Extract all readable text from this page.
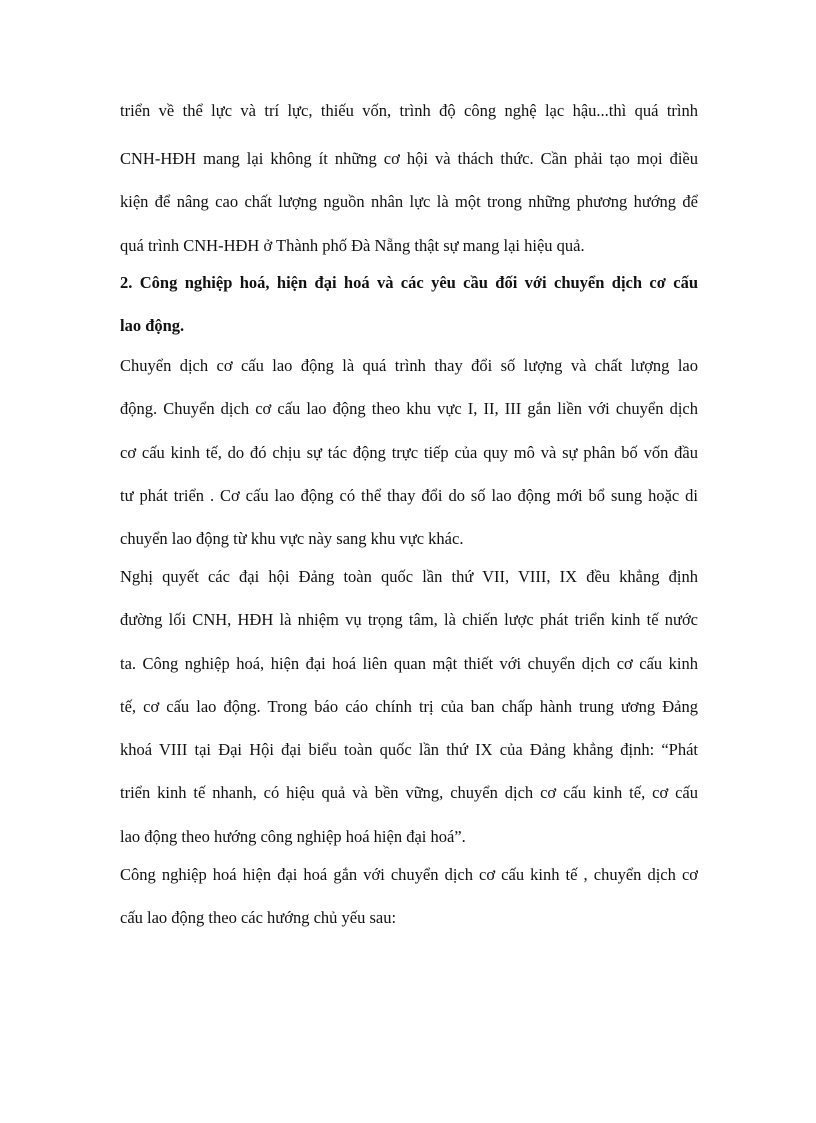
triển về thể lực và trí lực, thiếu vốn, trình độ công nghệ lạc hậu...thì quá trình
CNH-HĐH mang lại không ít những cơ hội và thách thức. Cần phải tạo mọi điều
kiện để nâng cao chất lượng nguồn nhân lực là một trong những phương hướng để
quá trình CNH-HĐH ở Thành phố Đà Nẵng thật sự mang lại hiệu quả.
2. Công nghiệp hoá, hiện đại hoá và các yêu cầu đối với chuyển dịch cơ cấu
lao động.
Chuyển dịch cơ cấu lao động là quá trình thay đổi số lượng và chất lượng lao
động. Chuyển dịch cơ cấu lao động theo khu vực I, II, III gắn liền với chuyển dịch
cơ cấu kinh tế, do đó chịu sự tác động trực tiếp của quy mô và sự phân bố vốn đầu
tư phát triển . Cơ cấu lao động có thể thay đổi do số lao động mới bổ sung hoặc di
chuyển lao động từ khu vực này sang khu vực khác.
Nghị quyết các đại hội Đảng toàn quốc lần thứ VII, VIII, IX đều khẳng định
đường lối CNH, HĐH là nhiệm vụ trọng tâm, là chiến lược phát triển kinh tế nước
ta. Công nghiệp hoá, hiện đại hoá liên quan mật thiết với chuyển dịch cơ cấu kinh
tế, cơ cấu lao động. Trong báo cáo chính trị của ban chấp hành trung ương Đảng
khoá VIII tại Đại Hội đại biểu toàn quốc lần thứ IX của Đảng khẳng định: “Phát
triển kinh tế nhanh, có hiệu quả và bền vững, chuyển dịch cơ cấu kinh tế, cơ cấu
lao động theo hướng công nghiệp hoá hiện đại hoá”.
Công nghiệp hoá hiện đại hoá gắn với chuyển dịch cơ cấu kinh tế , chuyển dịch cơ
cấu lao động theo các hướng chủ yếu sau:
